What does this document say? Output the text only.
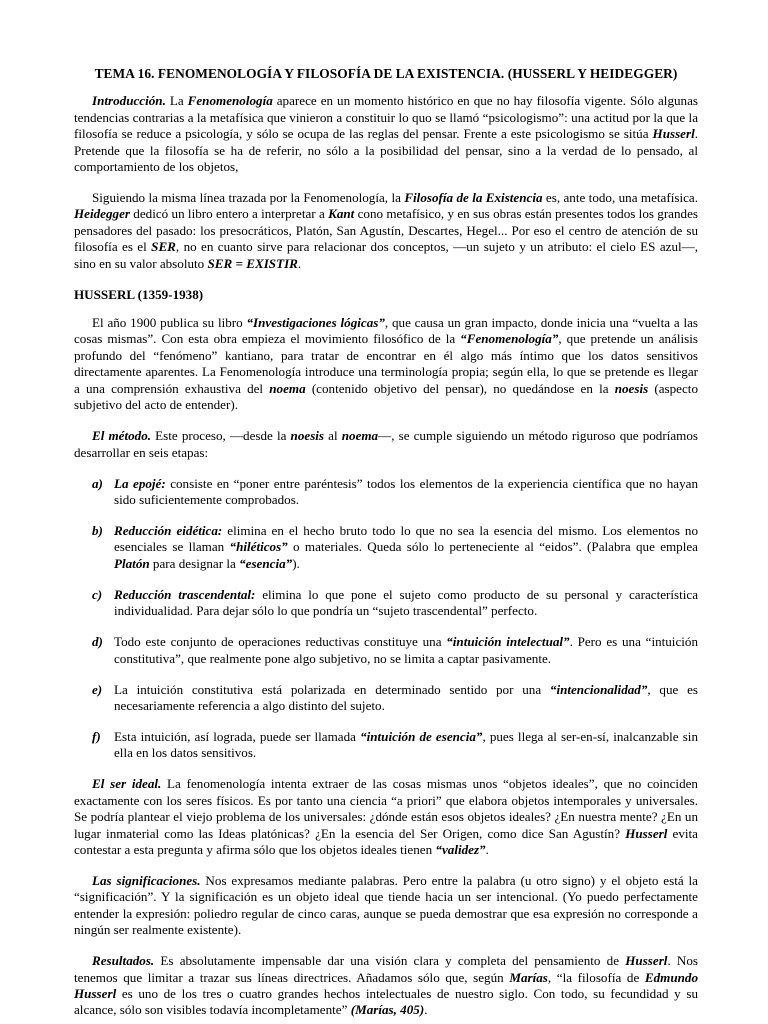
TEMA 16. FENOMENOLOGÍA Y FILOSOFÍA DE LA EXISTENCIA. (HUSSERL Y HEIDEGGER)

Introducción. La Fenomenología aparece en un momento histórico en que no hay filosofía vigente. Sólo algunas tendencias contrarias a la metafísica que vinieron a constituir lo quo se llamó “psicologismo”: una actitud por la que la filosofía se reduce a psicología, y sólo se ocupa de las reglas del pensar. Frente a este psicologismo se sitúa Husserl. Pretende que la filosofía se ha de referir, no sólo a la posibilidad del pensar, sino a la verdad de lo pensado, al comportamiento de los objetos,

Siguiendo la misma línea trazada por la Fenomenología, la Filosofía de la Existencia es, ante todo, una metafísica. Heidegger dedicó un libro entero a interpretar a Kant cono metafísico, y en sus obras están presentes todos los grandes pensadores del pasado: los presocráticos, Platón, San Agustín, Descartes, Hegel... Por eso el centro de atención de su filosofía es el SER, no en cuanto sirve para relacionar dos conceptos, —un sujeto y un atributo: el cielo ES azul—, sino en su valor absoluto SER = EXISTIR.

HUSSERL (1359-1938)

El año 1900 publica su libro “Investigaciones lógicas”, que causa un gran impacto, donde inicia una “vuelta a las cosas mismas”. Con esta obra empieza el movimiento filosófico de la “Fenomenología”, que pretende un análisis profundo del “fenómeno” kantiano, para tratar de encontrar en él algo más íntimo que los datos sensitivos directamente aparentes. La Fenomenología introduce una terminología propia; según ella, lo que se pretende es llegar a una comprensión exhaustiva del noema (contenido objetivo del pensar), no quedándose en la noesis (aspecto subjetivo del acto de entender).

El método. Este proceso, —desde la noesis al noema—, se cumple siguiendo un método riguroso que podríamos desarrollar en seis etapas:

a) La epojé: consiste en “poner entre paréntesis” todos los elementos de la experiencia científica que no hayan sido suficientemente comprobados.
b) Reducción eidética: elimina en el hecho bruto todo lo que no sea la esencia del mismo. Los elementos no esenciales se llaman “hiléticos” o materiales. Queda sólo lo perteneciente al “eidos”. (Palabra que emplea Platón para designar la “esencia”).
c) Reducción trascendental: elimina lo que pone el sujeto como producto de su personal y característica individualidad. Para dejar sólo lo que pondría un “sujeto trascendental” perfecto.
d) Todo este conjunto de operaciones reductivas constituye una “intuición intelectual”. Pero es una “intuición constitutiva”, que realmente pone algo subjetivo, no se limita a captar pasivamente.
e) La intuición constitutiva está polarizada en determinado sentido por una “intencionalidad”, que es necesariamente referencia a algo distinto del sujeto.
f) Esta intuición, así lograda, puede ser llamada “intuición de esencia”, pues llega al ser-en-sí, inalcanzable sin ella en los datos sensitivos.

El ser ideal. La fenomenología intenta extraer de las cosas mismas unos “objetos ideales”, que no coinciden exactamente con los seres físicos. Es por tanto una ciencia “a priori” que elabora objetos intemporales y universales. Se podría plantear el viejo problema de los universales: ¿dónde están esos objetos ideales? ¿En nuestra mente? ¿En un lugar inmaterial como las Ideas platónicas? ¿En la esencia del Ser Origen, como dice San Agustín? Husserl evita contestar a esta pregunta y afirma sólo que los objetos ideales tienen “validez”.

Las significaciones. Nos expresamos mediante palabras. Pero entre la palabra (u otro signo) y el objeto está la “significación”. Y la significación es un objeto ideal que tiende hacia un ser intencional. (Yo puedo perfectamente entender la expresión: poliedro regular de cinco caras, aunque se pueda demostrar que esa expresión no corresponde a ningún ser realmente existente).

Resultados. Es absolutamente impensable dar una visión clara y completa del pensamiento de Husserl. Nos tenemos que limitar a trazar sus líneas directrices. Añadamos sólo que, según Marías, “la filosofía de Edmundo Husserl es uno de los tres o cuatro grandes hechos intelectuales de nuestro siglo. Con todo, su fecundidad y su alcance, sólo son visibles todavía incompletamente” (Marías, 405).
